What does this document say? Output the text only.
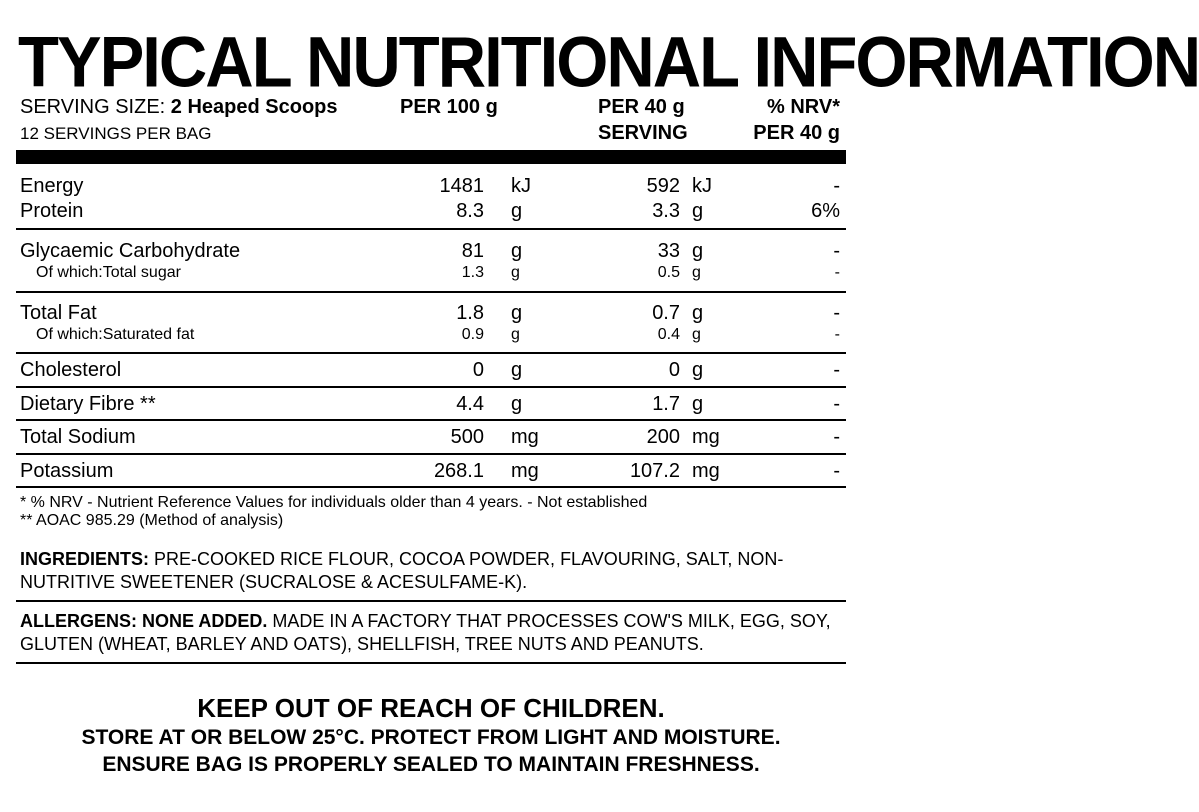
TYPICAL NUTRITIONAL INFORMATION
SERVING SIZE: 2 Heaped Scoops
12 SERVINGS PER BAG
PER 100 g	PER 40 g
SERVING
% NRV*
PER 40 g
Energy	1481 kJ	592 kJ	-
Protein	8.3 g	3.3 g	6%
Glycaemic Carbohydrate	81 g	33 g	-
Of which:Total sugar	1.3 g	0.5 g	-
Total Fat	1.8 g	0.7 g	-
Of which:Saturated fat	0.9 g	0.4 g	-
Cholesterol	0 g	0 g	-
Dietary Fibre **	4.4 g	1.7 g	-
Total Sodium	500 mg	200 mg	-
Potassium	268.1 mg	107.2 mg	-
* % NRV - Nutrient Reference Values for individuals older than 4 years. - Not established
** AOAC 985.29 (Method of analysis)
INGREDIENTS: PRE-COOKED RICE FLOUR, COCOA POWDER, FLAVOURING, SALT, NON-NUTRITIVE SWEETENER (SUCRALOSE & ACESULFAME-K).
ALLERGENS: NONE ADDED. MADE IN A FACTORY THAT PROCESSES COW'S MILK, EGG, SOY, GLUTEN (WHEAT, BARLEY AND OATS), SHELLFISH, TREE NUTS AND PEANUTS.
KEEP OUT OF REACH OF CHILDREN.
STORE AT OR BELOW 25°C. PROTECT FROM LIGHT AND MOISTURE.
ENSURE BAG IS PROPERLY SEALED TO MAINTAIN FRESHNESS.
